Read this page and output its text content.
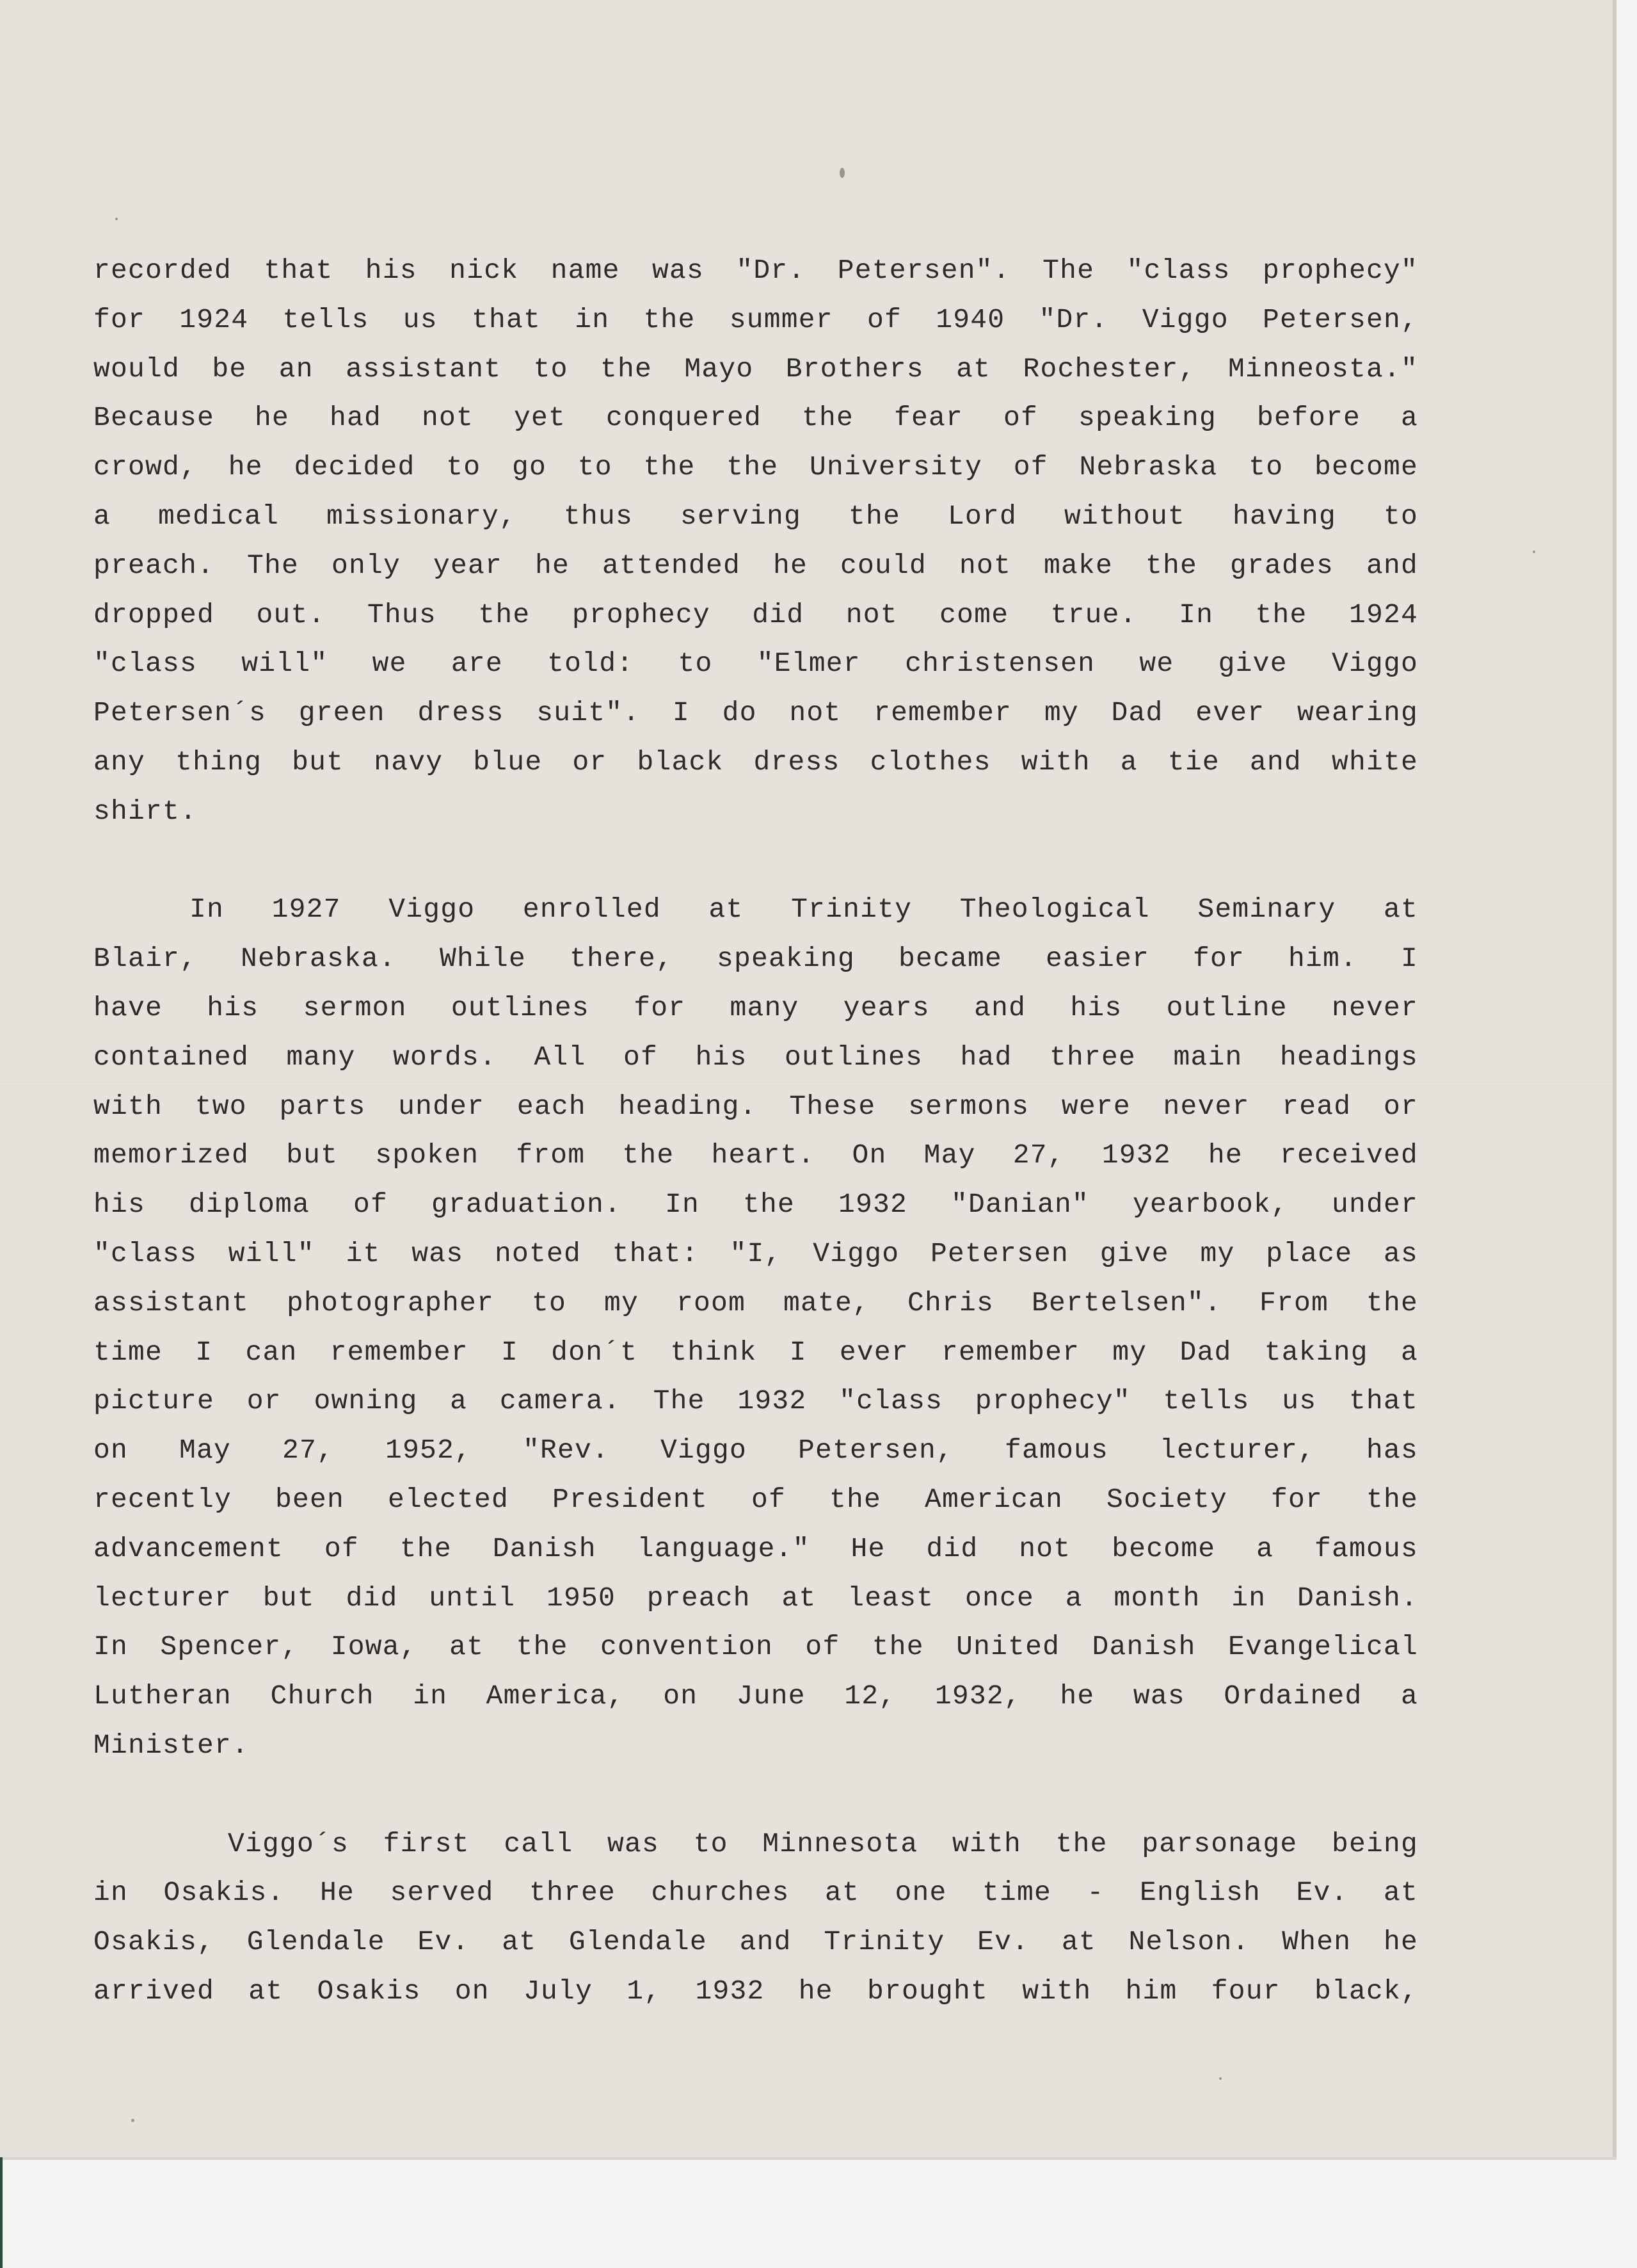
recorded that his nick name was "Dr. Petersen". The "class prophecy"
for 1924 tells us that in the summer of 1940 "Dr. Viggo Petersen,
would be an assistant to the Mayo Brothers at Rochester, Minneosta."
Because he had not yet conquered the fear of speaking before a
crowd, he decided to go to the the University of Nebraska to become
a medical missionary, thus serving the Lord without having to
preach. The only year he attended he could not make the grades and
dropped out. Thus the prophecy did not come true. In the 1924
"class will" we are told: to "Elmer christensen we give Viggo
Petersen´s green dress suit". I do not remember my Dad ever wearing
any thing but navy blue or black dress clothes with a tie and white
shirt.
In 1927 Viggo enrolled at Trinity Theological Seminary at
Blair, Nebraska. While there, speaking became easier for him. I
have his sermon outlines for many years and his outline never
contained many words. All of his outlines had three main headings
with two parts under each heading. These sermons were never read or
memorized but spoken from the heart. On May 27, 1932 he received
his diploma of graduation. In the 1932 "Danian" yearbook, under
"class will" it was noted that: "I, Viggo Petersen give my place as
assistant photographer to my room mate, Chris Bertelsen". From the
time I can remember I don´t think I ever remember my Dad taking a
picture or owning a camera. The 1932 "class prophecy" tells us that
on May 27, 1952, "Rev. Viggo Petersen, famous lecturer, has
recently been elected President of the American Society for the
advancement of the Danish language." He did not become a famous
lecturer but did until 1950 preach at least once a month in Danish.
In Spencer, Iowa, at the convention of the United Danish Evangelical
Lutheran Church in America, on June 12, 1932, he was Ordained a
Minister.
Viggo´s first call was to Minnesota with the parsonage being
in Osakis. He served three churches at one time - English Ev. at
Osakis, Glendale Ev. at Glendale and Trinity Ev. at Nelson. When he
arrived at Osakis on July 1, 1932 he brought with him four black,
